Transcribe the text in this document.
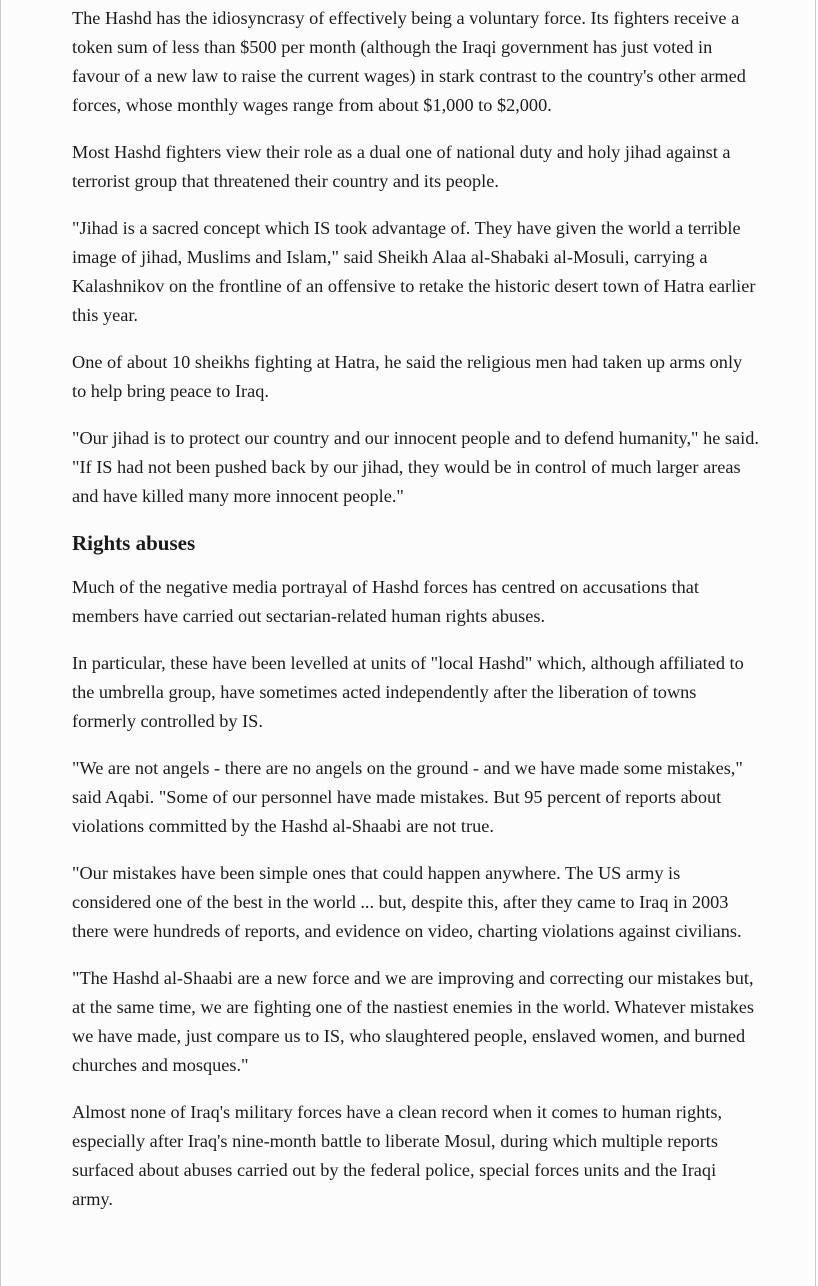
The Hashd has the idiosyncrasy of effectively being a voluntary force. Its fighters receive a token sum of less than $500 per month (although the Iraqi government has just voted in favour of a new law to raise the current wages) in stark contrast to the country's other armed forces, whose monthly wages range from about $1,000 to $2,000.

Most Hashd fighters view their role as a dual one of national duty and holy jihad against a terrorist group that threatened their country and its people.

"Jihad is a sacred concept which IS took advantage of. They have given the world a terrible image of jihad, Muslims and Islam," said Sheikh Alaa al-Shabaki al-Mosuli, carrying a Kalashnikov on the frontline of an offensive to retake the historic desert town of Hatra earlier this year.

One of about 10 sheikhs fighting at Hatra, he said the religious men had taken up arms only to help bring peace to Iraq.

"Our jihad is to protect our country and our innocent people and to defend humanity," he said. "If IS had not been pushed back by our jihad, they would be in control of much larger areas and have killed many more innocent people."

Rights abuses

Much of the negative media portrayal of Hashd forces has centred on accusations that members have carried out sectarian-related human rights abuses.

In particular, these have been levelled at units of "local Hashd" which, although affiliated to the umbrella group, have sometimes acted independently after the liberation of towns formerly controlled by IS.

"We are not angels - there are no angels on the ground - and we have made some mistakes," said Aqabi. "Some of our personnel have made mistakes. But 95 percent of reports about violations committed by the Hashd al-Shaabi are not true.

"Our mistakes have been simple ones that could happen anywhere. The US army is considered one of the best in the world ... but, despite this, after they came to Iraq in 2003 there were hundreds of reports, and evidence on video, charting violations against civilians.

"The Hashd al-Shaabi are a new force and we are improving and correcting our mistakes but, at the same time, we are fighting one of the nastiest enemies in the world. Whatever mistakes we have made, just compare us to IS, who slaughtered people, enslaved women, and burned churches and mosques."

Almost none of Iraq's military forces have a clean record when it comes to human rights, especially after Iraq's nine-month battle to liberate Mosul, during which multiple reports surfaced about abuses carried out by the federal police, special forces units and the Iraqi army.
